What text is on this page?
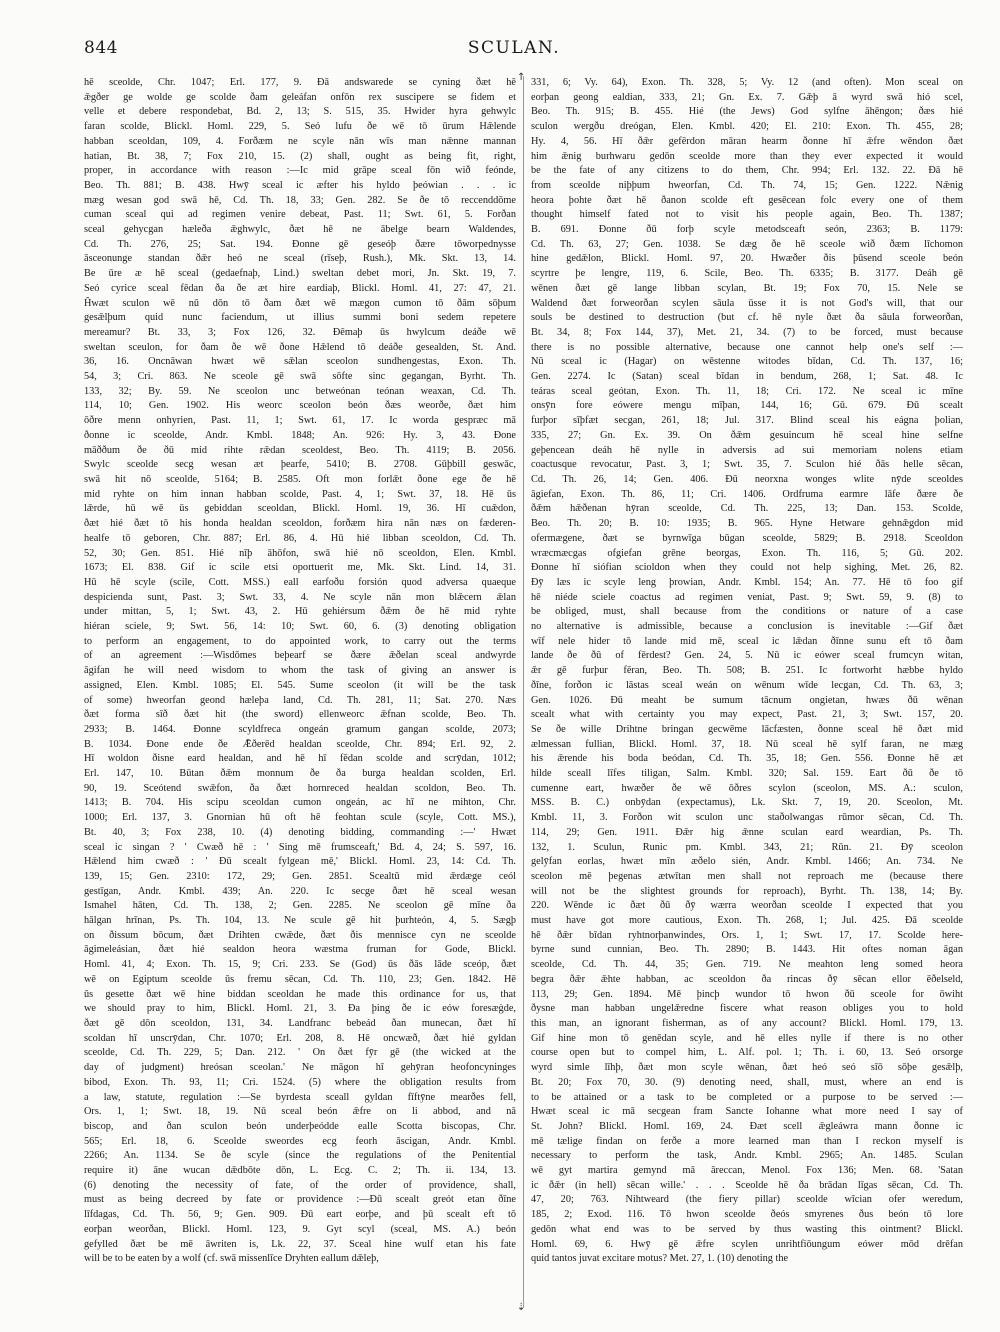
844	SCULAN.
↑
⇣
hē sceolde, Chr. 1047; Erl. 177, 9. Ðā andswarede se cyning ðæt hē
ǣgðer ge wolde ge scolde ðam geleáfan onfōn rex suscipere se fidem et
velle et debere respondebat, Bd. 2, 13; S. 515, 35. Hwider hyra gehwylc
faran scolde, Blickl. Homl. 229, 5. Seó lufu ðe wē tō ūrum Hǣlende
habban sceoldan, 109, 4. Forðæm ne scyle nān wīs man nǣnne mannan
hatian, Bt. 38, 7; Fox 210, 15. (2) shall, ought as being fit, right,
proper, in accordance with reason :—Ic mid grāpe sceal fōn wið feónde,
Beo. Th. 881; B. 438. Hwȳ sceal ic æfter his hyldo þeówian . . . ic
mæg wesan god swā hē, Cd. Th. 18, 33; Gen. 282. Se ðe tō reccenddōme
cuman sceal qui ad regimen venire debeat, Past. 11; Swt. 61, 5. Forðan
sceal gehycgan hæleða ǣghwylc, ðæt hē ne ābelge bearn Waldendes,
Cd. Th. 276, 25; Sat. 194. Ðonne gē geseóþ ðære tōworpednysse
āsceonunge standan ðǣr heó ne sceal (rīseþ, Rush.), Mk. Skt. 13, 14.
Be ūre æ hē sceal (gedaefnaþ, Lind.) sweltan debet mori, Jn. Skt. 19, 7.
Seó cyrice sceal fēdan ða ðe æt hire eardiaþ, Blickl. Homl. 41, 27: 47, 21.
Ĥwæt sculon wē nū dōn tō ðam ðæt wē mægon cumon tō ðām sōþum
gesǣlþum quid nunc faciendum, ut illius summi boni sedem repetere
mereamur? Bt. 33, 3; Fox 126, 32. Ðēmaþ ūs hwylcum deáðe wē
sweltan sceulon, for ðam ðe wē ðone Hǣlend tō deáðe gesealden, St. And.
36, 16. Oncnāwan hwæt wē sǣlan sceolon sundhengestas, Exon. Th.
54, 3; Cri. 863. Ne sceole gē swā sōfte sinc gegangan, Byrht. Th.
133, 32; By. 59. Ne sceolon unc betweónan teónan weaxan, Cd. Th.
114, 10; Gen. 1902. His weorc sceolon beón ðæs weorðe, ðæt him
ōðre menn onhyrien, Past. 11, 1; Swt. 61, 17. Ic worda gespræc mā
ðonne ic sceolde, Andr. Kmbl. 1848; An. 926: Hy. 3, 43. Ðone
māððum ðe ðū mid rihte rǣdan sceoldest, Beo. Th. 4119; B. 2056.
Swylc sceolde secg wesan æt þearfe, 5410; B. 2708. Gūþbill geswāc,
swā hit nō sceolde, 5164; B. 2585. Oft mon forlǣt ðone ege ðe hē
mid ryhte on him innan habban scolde, Past. 4, 1; Swt. 37, 18. Hē ūs
lǣrde, hū wē ūs gebiddan sceoldan, Blickl. Homl. 19, 36. Hī cuǣdon,
ðæt hié ðæt tō his honda healdan sceoldon, forðæm hira nān næs on fæderen-
healfe tō geboren, Chr. 887; Erl. 86, 4. Hū hié libban sceoldon, Cd. Th.
52, 30; Gen. 851. Hié nīþ āhōfon, swā hié nō sceoldon, Elen. Kmbl.
1673; El. 838. Gif ic scile etsi oportuerit me, Mk. Skt. Lind. 14, 31.
Hū hē scyle (scile, Cott. MSS.) eall earfoðu forsión quod adversa quaeque
despicienda sunt, Past. 3; Swt. 33, 4. Ne scyle nān mon blǣcern ǣlan
under mittan, 5, 1; Swt. 43, 2. Hū gehiérsum ðǣm ðe hē mid ryhte
hiéran sciele, 9; Swt. 56, 14: 10; Swt. 60, 6. (3) denoting obligation
to perform an engagement, to do appointed work, to carry out the terms
of an agreement :—Wisdōmes beþearf se ðære ǣðelan sceal andwyrde
āgifan he will need wisdom to whom the task of giving an answer is
assigned, Elen. Kmbl. 1085; El. 545. Sume sceolon (it will be the task
of some) hweorfan geond hæleþa land, Cd. Th. 281, 11; Sat. 270. Næs
ðæt forma sīð ðæt hit (the sword) ellenweorc ǣfnan scolde, Beo. Th.
2933; B. 1464. Ðonne scyldfreca ongeán gramum gangan scolde, 2073;
B. 1034. Ðone ende ðe Ǣðerēd healdan sceolde, Chr. 894; Erl. 92, 2.
Hī woldon ðisne eard healdan, and hē hī fēdan scolde and scrȳdan, 1012;
Erl. 147, 10. Būtan ðǣm monnum ðe ða burga healdan scolden, Erl.
90, 19. Sceótend swǣfon, ða ðæt hornreced healdan scoldon, Beo. Th.
1413; B. 704. His scipu sceoldan cumon ongeán, ac hī ne mihton, Chr.
1000; Erl. 137, 3. Gnornian hū oft hē feohtan scule (scyle, Cott. MS.),
Bt. 40, 3; Fox 238, 10. (4) denoting bidding, commanding :—' Hwæt
sceal ic singan ? ' Cwæð hē : ' Sing mē frumsceaft,' Bd. 4, 24; S. 597, 16.
Hǣlend him cwæð : ' Ðū scealt fylgean mē,' Blickl. Homl. 23, 14: Cd. Th.
139, 15; Gen. 2310: 172, 29; Gen. 2851. Scealtū mid ǣrdæge ceól
gestīgan, Andr. Kmbl. 439; An. 220. Ic secge ðæt hē sceal wesan
Ismahel hāten, Cd. Th. 138, 2; Gen. 2285. Ne sceolon gē mīne ða
hālgan hrīnan, Ps. Th. 104, 13. Ne scule gē hit þurhteón, 4, 5. Sægþ
on ðissum bōcum, ðæt Drihten cwǣde, ðæt ðis mennisce cyn ne sceolde
āgimeleásian, ðæt hié sealdon heora wæstma fruman for Gode, Blickl.
Homl. 41, 4; Exon. Th. 15, 9; Cri. 233. Se (God) ūs ðās lāde sceóp, ðæt
wē on Egiptum sceolde ūs fremu sēcan, Cd. Th. 110, 23; Gen. 1842. Hē
ūs gesette ðæt wē hine biddan sceoldan he made this ordinance for us, that
we should pray to him, Blickl. Homl. 21, 3. Ða þing ðe ic eów foresæġde,
ðæt gē dōn sceoldon, 131, 34. Landfranc bebeád ðan munecan, ðæt hī
scoldan hī unscrȳdan, Chr. 1070; Erl. 208, 8. Hē oncwæð, ðæt hié gyldan
sceolde, Cd. Th. 229, 5; Dan. 212. ' On ðæt fȳr gē (the wicked at the
day of judgment) hreósan sceolan.' Ne māgon hī gehȳran heofoncyninges
bibod, Exon. Th. 93, 11; Cri. 1524. (5) where the obligation results from
a law, statute, regulation :—Se byrdesta sceall gyldan fīftȳne mearðes fell,
Ors. 1, 1; Swt. 18, 19. Nū sceal beón ǣfre on li abbod, and nā
biscop, and ðan sculon beón underþeódde ealle Scotta biscopas, Chr.
565; Erl. 18, 6. Sceolde sweordes ecg feorh āscigan, Andr. Kmbl.
2266; An. 1134. Se ðe scyle (since the regulations of the Penitential
require it) āne wucan dǣdbōte dōn, L. Ecg. C. 2; Th. ii. 134, 13.
(6) denoting the necessity of fate, of the order of providence, shall,
must as being decreed by fate or providence :—Ðū scealt greót etan ðīne
līfdagas, Cd. Th. 56, 9; Gen. 909. Ðū eart eorþe, and þū scealt eft tō
eorþan weorðan, Blickl. Homl. 123, 9. Gyt scyl (sceal, MS. A.) beón
gefylled ðæt be mē āwriten is, Lk. 22, 37. Sceal hine wulf etan his fate
will be to be eaten by a wolf (cf. swā missenlīce Dryhten eallum dǣleþ,
331, 6; Vy. 64), Exon. Th. 328, 5; Vy. 12 (and often). Mon sceal on
eorþan geong ealdian, 333, 21; Gn. Ex. 7. Gǣþ ā wyrd swā hió scel,
Beo. Th. 915; B. 455. Hié (the Jews) God sylfne āhēngon; ðæs hié
sculon wergðu dreógan, Elen. Kmbl. 420; El. 210: Exon. Th. 455, 28;
Hy. 4, 56. Hī ðǣr gefērdon māran hearm ðonne hī ǣfre wēndon ðæt
him ǣnig burhwaru gedōn sceolde more than they ever expected it would
be the fate of any citizens to do them, Chr. 994; Erl. 132. 22. Ðā hē
from sceolde niþþum hweorfan, Cd. Th. 74, 15; Gen. 1222. Nǣnig
heora þohte ðæt hē ðanon scolde eft gesēcean folc every one of them
thought himself fated not to visit his people again, Beo. Th. 1387;
B. 691. Ðonne ðū forþ scyle metodsceaft seón, 2363; B. 1179:
Cd. Th. 63, 27; Gen. 1038. Se dæg ðe hē sceole wið ðæm līchomon
hine gedǣlon, Blickl. Homl. 97, 20. Hwæðer ðis þūsend sceole beón
scyrtre þe lengre, 119, 6. Scile, Beo. Th. 6335; B. 3177. Deáh gē
wēnen ðæt gē lange libban scylan, Bt. 19; Fox 70, 15. Nele se
Waldend ðæt forweorðan scylen sāula ūsse it is not God's will, that our
souls be destined to destruction (but cf. hē nyle ðæt ða sāula forweorðan,
Bt. 34, 8; Fox 144, 37), Met. 21, 34. (7) to be forced, must because
there is no possible alternative, because one cannot help one's self :—
Nū sceal ic (Hagar) on wēstenne witodes bīdan, Cd. Th. 137, 16;
Gen. 2274. Ic (Satan) sceal bīdan in bendum, 268, 1; Sat. 48. Ic
teáras sceal geótan, Exon. Th. 11, 18; Cri. 172. Ne sceal ic mīne
onsȳn fore eówere mengu mīþan, 144, 16; Gū. 679. Ðū scealt
furþor sīþfæt secgan, 261, 18; Jul. 317. Blind sceal his eágna þolian,
335, 27; Gn. Ex. 39. On ðǣm gesuincum hē sceal hine selfne
geþencean deáh hē nylle in adversis ad sui memoriam nolens etiam
coactusque revocatur, Past. 3, 1; Swt. 35, 7. Sculon hié ðās helle sēcan,
Cd. Th. 26, 14; Gen. 406. Ðū neorxna wonges wlite nȳde sceoldes
āgiefan, Exon. Th. 86, 11; Cri. 1406. Ordfruma earmre lāfe ðære ðe
ðǣm hǣðenan hȳran sceolde, Cd. Th. 225, 13; Dan. 153. Scolde,
Beo. Th. 20; B. 10: 1935; B. 965. Hyne Hetware gehnǣgdon mid
ofermægene, ðæt se byrnwīga būgan sceolde, 5829; B. 2918. Sceoldon
wræcmæcgas ofgiefan grēne beorgas, Exon. Th. 116, 5; Gū. 202.
Ðonne hī siófian scioldon when they could not help sighing, Met. 26, 82.
Ðȳ læs ic scyle leng þrowian, Andr. Kmbl. 154; An. 77. Hē tō foo gif
hē niéde sciele coactus ad regimen veniat, Past. 9; Swt. 59, 9. (8) to
be obliged, must, shall because from the conditions or nature of a case
no alternative is admissible, because a conclusion is inevitable :—Gif ðæt
wīf nele hider tō lande mid mē, sceal ic lǣdan ðīnne sunu eft tō ðam
lande ðe ðū of fērdest? Gen. 24, 5. Nū ic eówer sceal frumcyn witan,
ǣr gē furþur fēran, Beo. Th. 508; B. 251. Ic fortworht hæbbe hyldo
ðīne, forðon ic lāstas sceal weán on wēnum wīde lecgan, Cd. Th. 63, 3;
Gen. 1026. Ðū meaht be sumum tācnum ongietan, hwæs ðū wēnan
scealt what with certainty you may expect, Past. 21, 3; Swt. 157, 20.
Se ðe wille Drihtne bringan gecwēme lācfæsten, ðonne sceal hē ðæt mid
ælmessan fullian, Blickl. Homl. 37, 18. Nū sceal hē sylf faran, ne mæg
his ǣrende his boda beódan, Cd. Th. 35, 18; Gen. 556. Ðonne hē æt
hilde sceall līfes tiligan, Salm. Kmbl. 320; Sal. 159. Eart ðū ðe tō
cumenne eart, hwæðer ðe wē ōðres scylon (sceolon, MS. A.: sculon,
MSS. B. C.) onbȳdan (expectamus), Lk. Skt. 7, 19, 20. Sceolon, Mt.
Kmbl. 11, 3. Forðon wit sculon unc staðolwangas rūmor sēcan, Cd. Th.
114, 29; Gen. 1911. Ðǣr hig ǣnne sculan eard weardian, Ps. Th.
132, 1. Sculun, Runic pm. Kmbl. 343, 21; Rūn. 21. Ðȳ sceolon
gelȳfan eorlas, hwæt mīn æðelo sién, Andr. Kmbl. 1466; An. 734. Ne
sceolon mē þegenas ætwītan men shall not reproach me (because there
will not be the slightest grounds for reproach), Byrht. Th. 138, 14; By.
220. Wēnde ic ðæt ðū ðȳ wærra weorðan sceolde I expected that you
must have got more cautious, Exon. Th. 268, 1; Jul. 425. Ðā sceolde
hē ðǣr bīdan ryhtnorþanwindes, Ors. 1, 1; Swt. 17, 17. Scolde here-
byrne sund cunnian, Beo. Th. 2890; B. 1443. Hit oftes noman āgan
sceolde, Cd. Th. 44, 35; Gen. 719. Ne meahton leng somed heora
begra ðǣr ǣhte habban, ac sceoldon ða rincas ðȳ sēcan ellor ēðelseld,
113, 29; Gen. 1894. Mē þincþ wundor tō hwon ðū sceole for ōwiht
ðysne man habban ungelǣrednе fiscere what reason obliges you to hold
this man, an ignorant fisherman, as of any account? Blickl. Homl. 179, 13.
Gif hine mon tō genēdan scyle, and hē elles nylle if there is no other
course open but to compel him, L. Alf. pol. 1; Th. i. 60, 13. Seó orsorge
wyrd simle līhþ, ðæt mon scyle wēnan, ðæt heó seó sīō sōþe gesǣlþ,
Bt. 20; Fox 70, 30. (9) denoting need, shall, must, where an end is
to be attained or a task to be completed or a purpose to be served :—
Hwæt sceal ic mā secgean fram Sancte Iohanne what more need I say of
St. John? Blickl. Homl. 169, 24. Ðæt scell ǣgleáwra mann ðonne ic
mē tælige findan on ferðe a more learned man than I reckon myself is
necessary to perform the task, Andr. Kmbl. 2965; An. 1485. Sculan
wē gyt martira gemynd mā āreccan, Menol. Fox 136; Men. 68. 'Satan
ic ðǣr (in hell) sēcan wille.' . . . Sceolde hē ða brādan līgas sēcan, Cd. Th.
47, 20; 763. Nihtweard (the fiery pillar) sceolde wīcian ofer weredum,
185, 2; Exod. 116. Tō hwon sceolde ðeós smyrenes ðus beón tō lore
gedōn what end was to be served by thus wasting this ointment? Blickl.
Homl. 69, 6. Hwȳ gē ǣfre scylen unrihtfiōungum eówer mōd drēfan
quid tantos juvat excitare motus? Met. 27, 1. (10) denoting the
